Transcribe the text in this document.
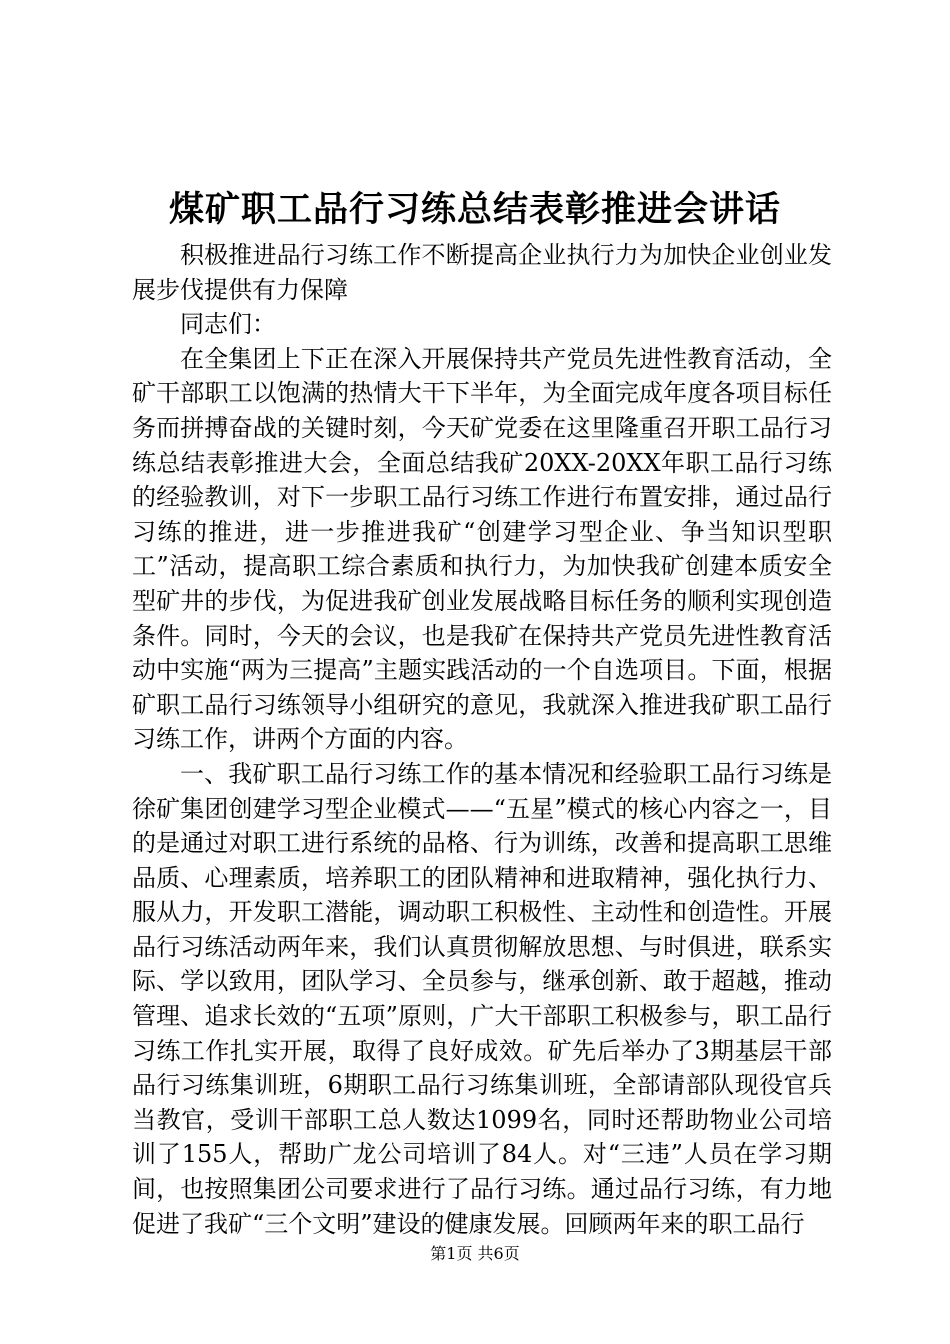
煤矿职工品行习练总结表彰推进会讲话

积极推进品行习练工作不断提高企业执行力为加快企业创业发展步伐提供有力保障

同志们：

在全集团上下正在深入开展保持共产党员先进性教育活动，全矿干部职工以饱满的热情大干下半年，为全面完成年度各项目标任务而拼搏奋战的关键时刻，今天矿党委在这里隆重召开职工品行习练总结表彰推进大会，全面总结我矿20XX-20XX年职工品行习练的经验教训，对下一步职工品行习练工作进行布置安排，通过品行习练的推进，进一步推进我矿“创建学习型企业、争当知识型职工”活动，提高职工综合素质和执行力，为加快我矿创建本质安全型矿井的步伐，为促进我矿创业发展战略目标任务的顺利实现创造条件。同时，今天的会议，也是我矿在保持共产党员先进性教育活动中实施“两为三提高”主题实践活动的一个自选项目。下面，根据矿职工品行习练领导小组研究的意见，我就深入推进我矿职工品行习练工作，讲两个方面的内容。

一、我矿职工品行习练工作的基本情况和经验职工品行习练是徐矿集团创建学习型企业模式——“五星”模式的核心内容之一，目的是通过对职工进行系统的品格、行为训练，改善和提高职工思维品质、心理素质，培养职工的团队精神和进取精神，强化执行力、服从力，开发职工潜能，调动职工积极性、主动性和创造性。开展品行习练活动两年来，我们认真贯彻解放思想、与时俱进，联系实际、学以致用，团队学习、全员参与，继承创新、敢于超越，推动管理、追求长效的“五项”原则，广大干部职工积极参与，职工品行习练工作扎实开展，取得了良好成效。矿先后举办了3期基层干部品行习练集训班，6期职工品行习练集训班，全部请部队现役官兵当教官，受训干部职工总人数达1099名，同时还帮助物业公司培训了155人，帮助广龙公司培训了84人。对“三违”人员在学习期间，也按照集团公司要求进行了品行习练。通过品行习练，有力地促进了我矿“三个文明”建设的健康发展。回顾两年来的职工品行

第1页 共6页
